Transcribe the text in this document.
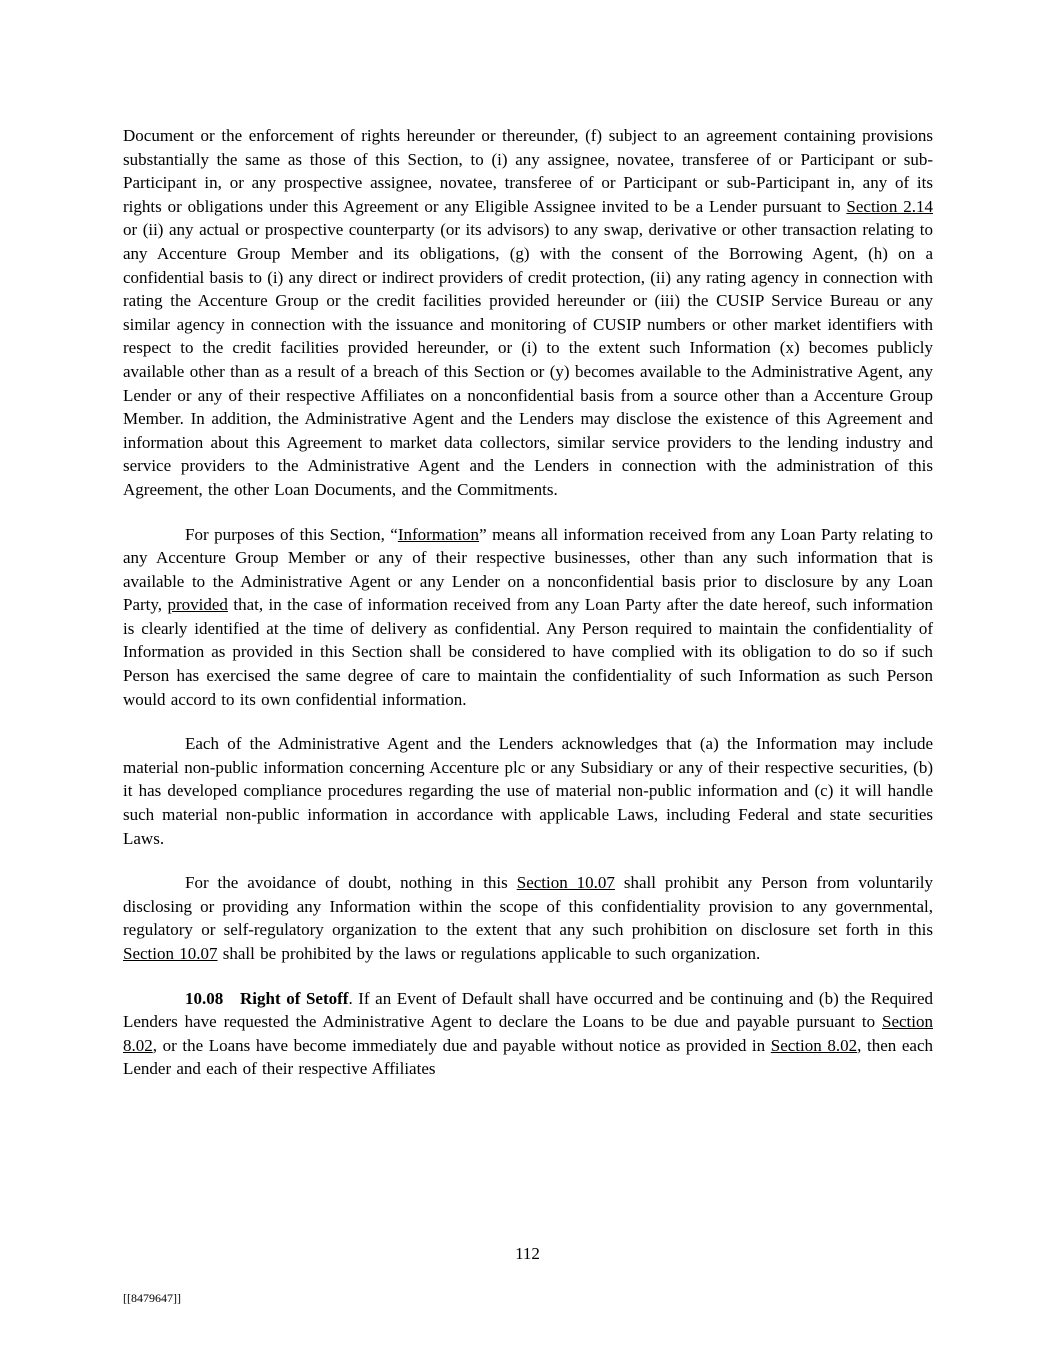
Document or the enforcement of rights hereunder or thereunder, (f) subject to an agreement containing provisions substantially the same as those of this Section, to (i) any assignee, novatee, transferee of or Participant or sub-Participant in, or any prospective assignee, novatee, transferee of or Participant or sub-Participant in, any of its rights or obligations under this Agreement or any Eligible Assignee invited to be a Lender pursuant to Section 2.14 or (ii) any actual or prospective counterparty (or its advisors) to any swap, derivative or other transaction relating to any Accenture Group Member and its obligations, (g) with the consent of the Borrowing Agent, (h) on a confidential basis to (i) any direct or indirect providers of credit protection, (ii) any rating agency in connection with rating the Accenture Group or the credit facilities provided hereunder or (iii) the CUSIP Service Bureau or any similar agency in connection with the issuance and monitoring of CUSIP numbers or other market identifiers with respect to the credit facilities provided hereunder, or (i) to the extent such Information (x) becomes publicly available other than as a result of a breach of this Section or (y) becomes available to the Administrative Agent, any Lender or any of their respective Affiliates on a nonconfidential basis from a source other than a Accenture Group Member. In addition, the Administrative Agent and the Lenders may disclose the existence of this Agreement and information about this Agreement to market data collectors, similar service providers to the lending industry and service providers to the Administrative Agent and the Lenders in connection with the administration of this Agreement, the other Loan Documents, and the Commitments.

For purposes of this Section, “Information” means all information received from any Loan Party relating to any Accenture Group Member or any of their respective businesses, other than any such information that is available to the Administrative Agent or any Lender on a nonconfidential basis prior to disclosure by any Loan Party, provided that, in the case of information received from any Loan Party after the date hereof, such information is clearly identified at the time of delivery as confidential. Any Person required to maintain the confidentiality of Information as provided in this Section shall be considered to have complied with its obligation to do so if such Person has exercised the same degree of care to maintain the confidentiality of such Information as such Person would accord to its own confidential information.

Each of the Administrative Agent and the Lenders acknowledges that (a) the Information may include material non-public information concerning Accenture plc or any Subsidiary or any of their respective securities, (b) it has developed compliance procedures regarding the use of material non-public information and (c) it will handle such material non-public information in accordance with applicable Laws, including Federal and state securities Laws.

For the avoidance of doubt, nothing in this Section 10.07 shall prohibit any Person from voluntarily disclosing or providing any Information within the scope of this confidentiality provision to any governmental, regulatory or self-regulatory organization to the extent that any such prohibition on disclosure set forth in this Section 10.07 shall be prohibited by the laws or regulations applicable to such organization.

10.08 Right of Setoff. If an Event of Default shall have occurred and be continuing and (b) the Required Lenders have requested the Administrative Agent to declare the Loans to be due and payable pursuant to Section 8.02, or the Loans have become immediately due and payable without notice as provided in Section 8.02, then each Lender and each of their respective Affiliates

112
[[8479647]]
